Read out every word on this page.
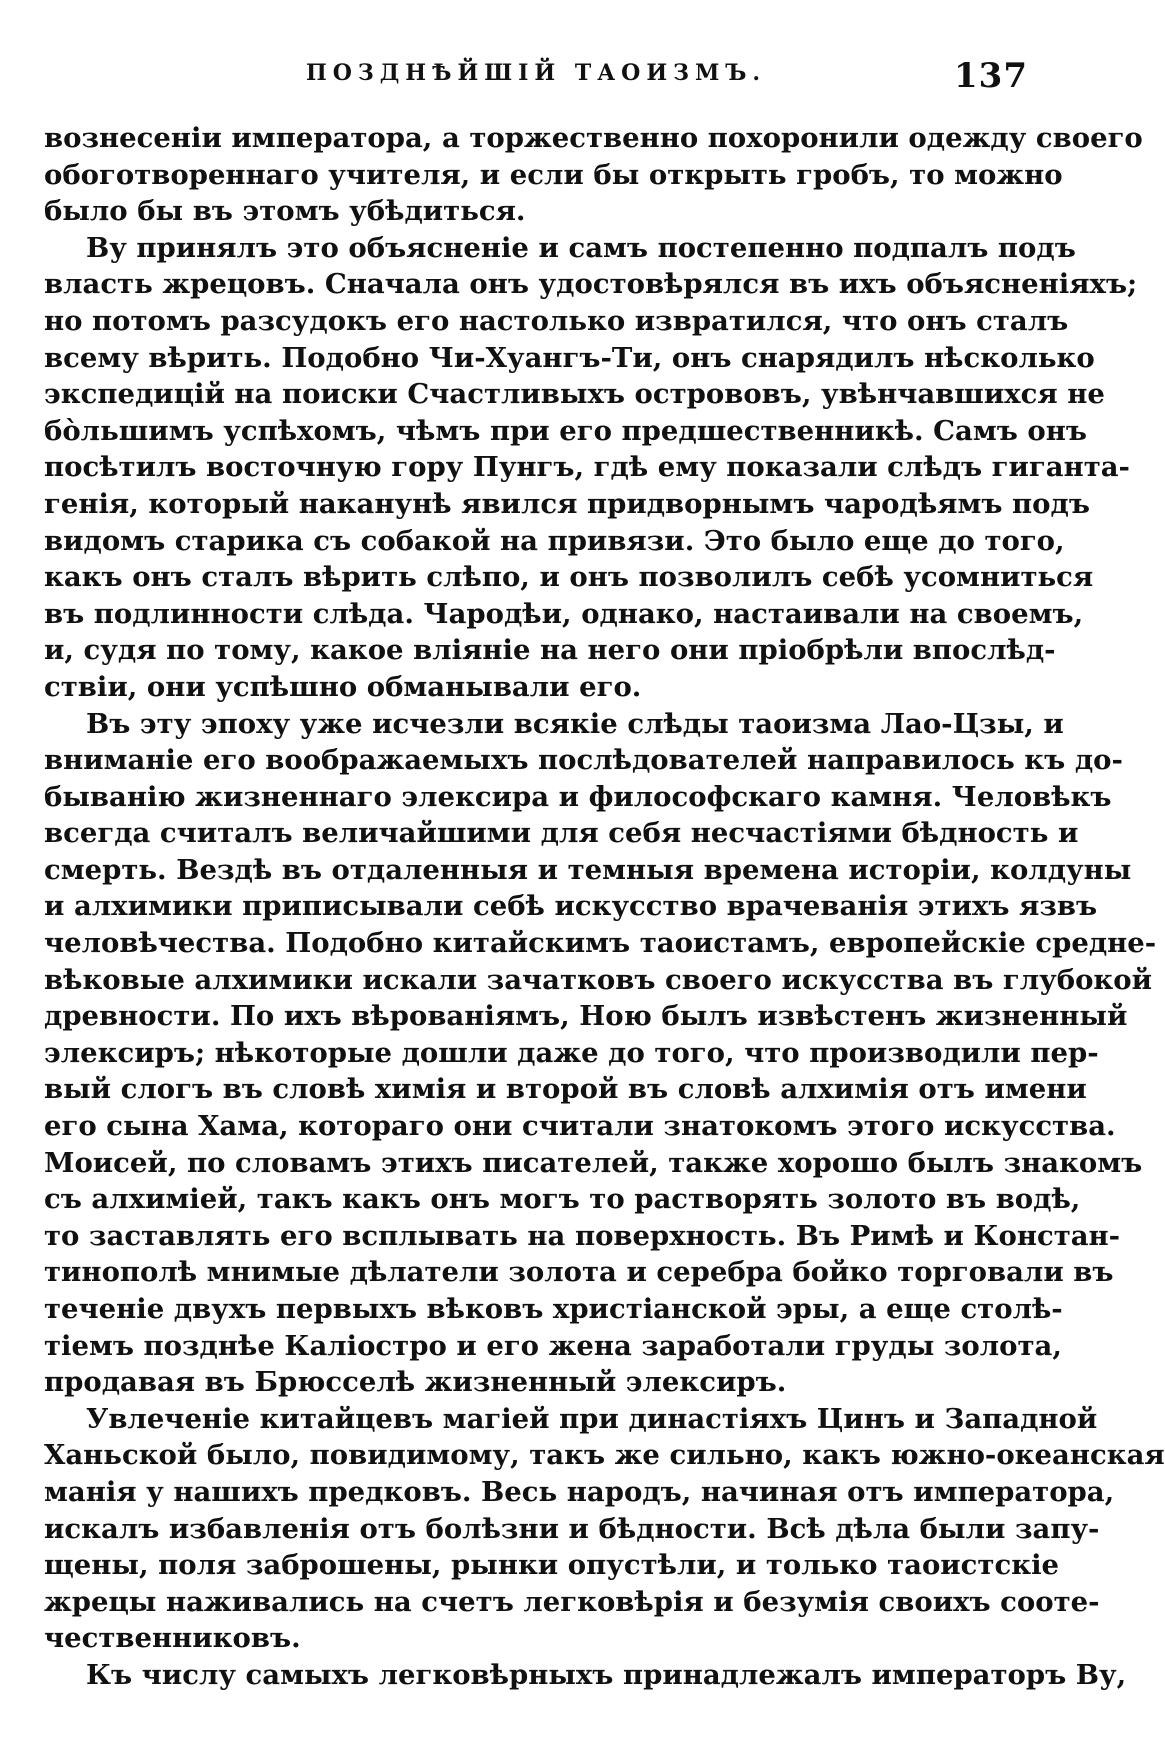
ПОЗДНѢЙШІЙ ТАОИЗМЪ.	137
вознесеніи императора, а торжественно похоронили одежду своего
обоготвореннаго учителя, и если бы открыть гробъ, то можно
было бы въ этомъ убѣдиться.
Ву принялъ это объясненіе и самъ постепенно подпалъ подъ
власть жрецовъ. Сначала онъ удостовѣрялся въ ихъ объясненіяхъ;
но потомъ разсудокъ его настолько извратился, что онъ сталъ
всему вѣрить. Подобно Чи-Хуангъ-Ти, онъ снарядилъ нѣсколько
экспедицій на поиски Счастливыхъ острововъ, увѣнчавшихся не
бо̀льшимъ успѣхомъ, чѣмъ при его предшественникѣ. Самъ онъ
посѣтилъ восточную гору Пунгъ, гдѣ ему показали слѣдъ гиганта-
генія, который наканунѣ явился придворнымъ чародѣямъ подъ
видомъ старика съ собакой на привязи. Это было еще до того,
какъ онъ сталъ вѣрить слѣпо, и онъ позволилъ себѣ усомниться
въ подлинности слѣда. Чародѣи, однако, настаивали на своемъ,
и, судя по тому, какое вліяніе на него они пріобрѣли впослѣд-
ствіи, они успѣшно обманывали его.
Въ эту эпоху уже исчезли всякіе слѣды таоизма Лао-Цзы, и
вниманіе его воображаемыхъ послѣдователей направилось къ до-
быванію жизненнаго элексира и философскаго камня. Человѣкъ
всегда считалъ величайшими для себя несчастіями бѣдность и
смерть. Вездѣ въ отдаленныя и темныя времена исторіи, колдуны
и алхимики приписывали себѣ искусство врачеванія этихъ язвъ
человѣчества. Подобно китайскимъ таоистамъ, европейскіе средне-
вѣковые алхимики искали зачатковъ своего искусства въ глубокой
древности. По ихъ вѣрованіямъ, Ною былъ извѣстенъ жизненный
элексиръ; нѣкоторые дошли даже до того, что производили пер-
вый слогъ въ словѣ химія и второй въ словѣ алхимія отъ имени
его сына Хама, котораго они считали знатокомъ этого искусства.
Моисей, по словамъ этихъ писателей, также хорошо былъ знакомъ
съ алхиміей, такъ какъ онъ могъ то растворять золото въ водѣ,
то заставлять его всплывать на поверхность. Въ Римѣ и Констан-
тинополѣ мнимые дѣлатели золота и серебра бойко торговали въ
теченіе двухъ первыхъ вѣковъ христіанской эры, а еще столѣ-
тіемъ позднѣе Каліостро и его жена заработали груды золота,
продавая въ Брюсселѣ жизненный элексиръ.
Увлеченіе китайцевъ магіей при династіяхъ Цинъ и Западной
Ханьской было, повидимому, такъ же сильно, какъ южно-океанская
манія у нашихъ предковъ. Весь народъ, начиная отъ императора,
искалъ избавленія отъ болѣзни и бѣдности. Всѣ дѣла были запу-
щены, поля заброшены, рынки опустѣли, и только таоистскіе
жрецы наживались на счетъ легковѣрія и безумія своихъ соотe-
чественниковъ.
Къ числу самыхъ легковѣрныхъ принадлежалъ императоръ Ву,
